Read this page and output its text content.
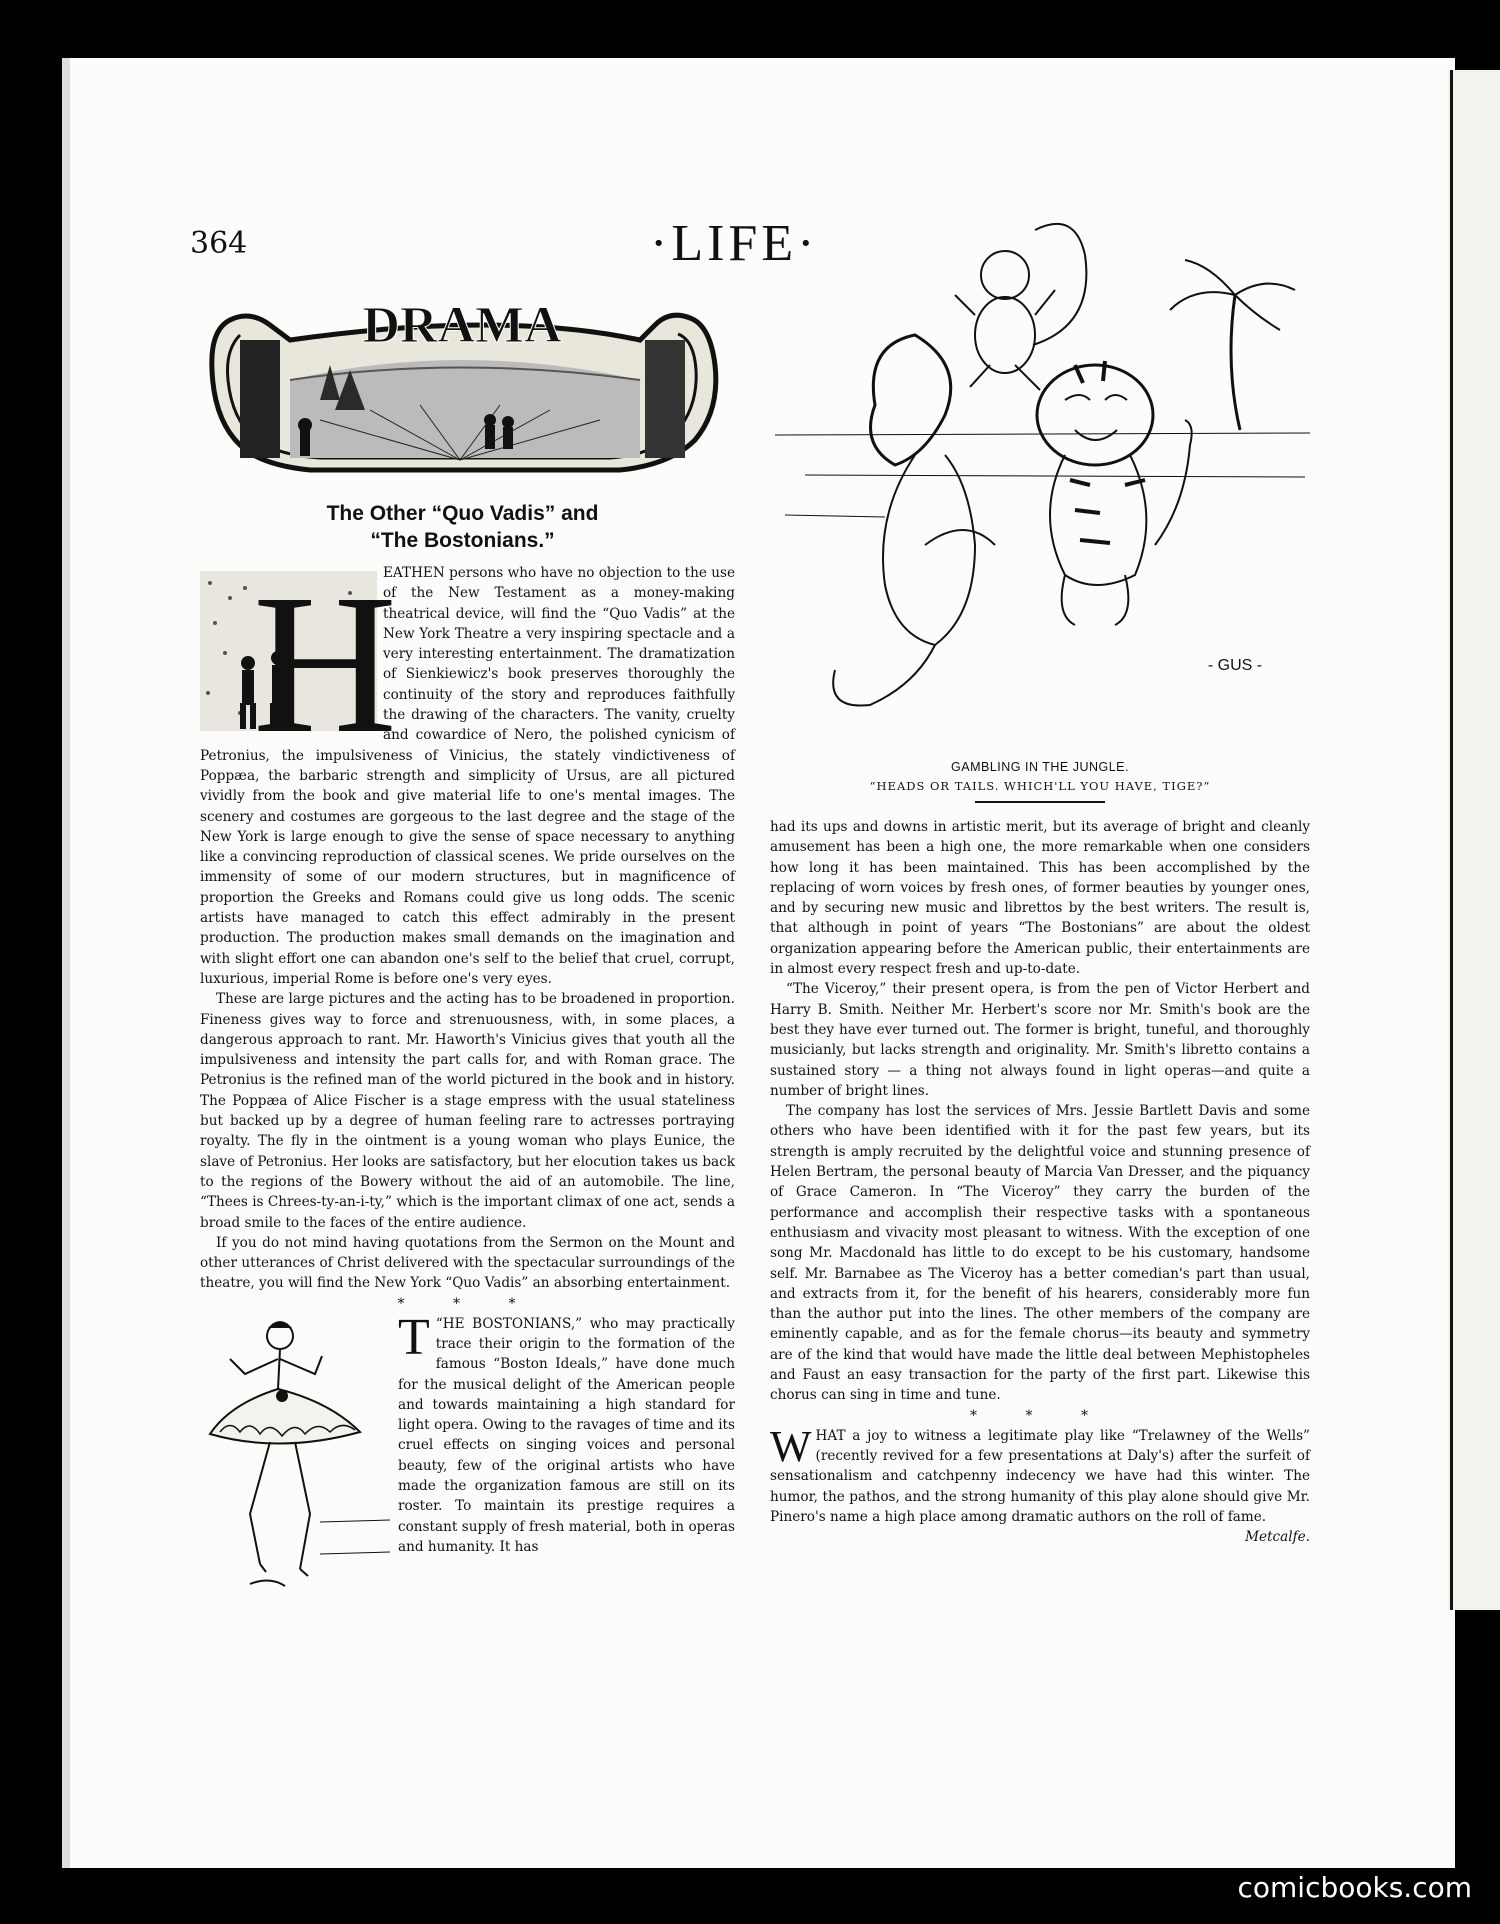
364	·LIFE·
DRAMA
The Other “Quo Vadis” and
“The Bostonians.”
H

EATHEN persons who have no objection to the use of the New Testament as a money-making theatrical device, will find the “Quo Vadis” at the New York Theatre a very inspiring spectacle and a very interesting entertainment. The dramatization of Sienkiewicz's book preserves thoroughly the continuity of the story and reproduces faithfully the drawing of the characters. The vanity, cruelty and cowardice of Nero, the polished cynicism of Petronius, the impulsiveness of Vinicius, the stately vindictiveness of Poppæa, the barbaric strength and simplicity of Ursus, are all pictured vividly from the book and give material life to one's mental images. The scenery and costumes are gorgeous to the last degree and the stage of the New York is large enough to give the sense of space necessary to anything like a convincing reproduction of classical scenes. We pride ourselves on the immensity of some of our modern structures, but in magnificence of proportion the Greeks and Romans could give us long odds. The scenic artists have managed to catch this effect admirably in the present production. The production makes small demands on the imagination and with slight effort one can abandon one's self to the belief that cruel, corrupt, luxurious, imperial Rome is before one's very eyes.

These are large pictures and the acting has to be broadened in proportion. Fineness gives way to force and strenuousness, with, in some places, a dangerous approach to rant. Mr. Haworth's Vinicius gives that youth all the impulsiveness and intensity the part calls for, and with Roman grace. The Petronius is the refined man of the world pictured in the book and in history. The Poppæa of Alice Fischer is a stage empress with the usual stateliness but backed up by a degree of human feeling rare to actresses portraying royalty. The fly in the ointment is a young woman who plays Eunice, the slave of Petronius. Her looks are satisfactory, but her elocution takes us back to the regions of the Bowery without the aid of an automobile. The line, “Thees is Chrees-ty-an-i-ty,” which is the important climax of one act, sends a broad smile to the faces of the entire audience.

If you do not mind having quotations from the Sermon on the Mount and other utterances of Christ delivered with the spectacular surroundings of the theatre, you will find the New York “Quo Vadis” an absorbing entertainment.

* * *

“
T HE BOSTONIANS,” who may practically trace their origin to the formation of the famous “Boston Ideals,” have done much for the musical delight of the American people and towards maintaining a high standard for light opera. Owing to the ravages of time and its cruel effects on singing voices and personal beauty, few of the original artists who have made the organization famous are still on its roster. To maintain its prestige requires a constant supply of fresh material, both in operas and humanity. It has

- GUS -
GAMBLING IN THE JUNGLE.
“HEADS OR TAILS. WHICH'LL YOU HAVE, TIGE?”

had its ups and downs in artistic merit, but its average of bright and cleanly amusement has been a high one, the more remarkable when one considers how long it has been maintained. This has been accomplished by the replacing of worn voices by fresh ones, of former beauties by younger ones, and by securing new music and librettos by the best writers. The result is, that although in point of years “The Bostonians” are about the oldest organization appearing before the American public, their entertainments are in almost every respect fresh and up-to-date.

“The Viceroy,” their present opera, is from the pen of Victor Herbert and Harry B. Smith. Neither Mr. Herbert's score nor Mr. Smith's book are the best they have ever turned out. The former is bright, tuneful, and thoroughly musicianly, but lacks strength and originality. Mr. Smith's libretto contains a sustained story — a thing not always found in light operas—and quite a number of bright lines.

The company has lost the services of Mrs. Jessie Bartlett Davis and some others who have been identified with it for the past few years, but its strength is amply recruited by the delightful voice and stunning presence of Helen Bertram, the personal beauty of Marcia Van Dresser, and the piquancy of Grace Cameron. In “The Viceroy” they carry the burden of the performance and accomplish their respective tasks with a spontaneous enthusiasm and vivacity most pleasant to witness. With the exception of one song Mr. Macdonald has little to do except to be his customary, handsome self. Mr. Barnabee as The Viceroy has a better comedian's part than usual, and extracts from it, for the benefit of his hearers, considerably more fun than the author put into the lines. The other members of the company are eminently capable, and as for the female chorus—its beauty and symmetry are of the kind that would have made the little deal between Mephistopheles and Faust an easy transaction for the party of the first part. Likewise this chorus can sing in time and tune.

* * *

WHAT a joy to witness a legitimate play like “Trelawney of the Wells” (recently revived for a few presentations at Daly's) after the surfeit of sensationalism and catchpenny indecency we have had this winter. The humor, the pathos, and the strong humanity of this play alone should give Mr. Pinero's name a high place among dramatic authors on the roll of fame.
Metcalfe.

comicbooks.com
